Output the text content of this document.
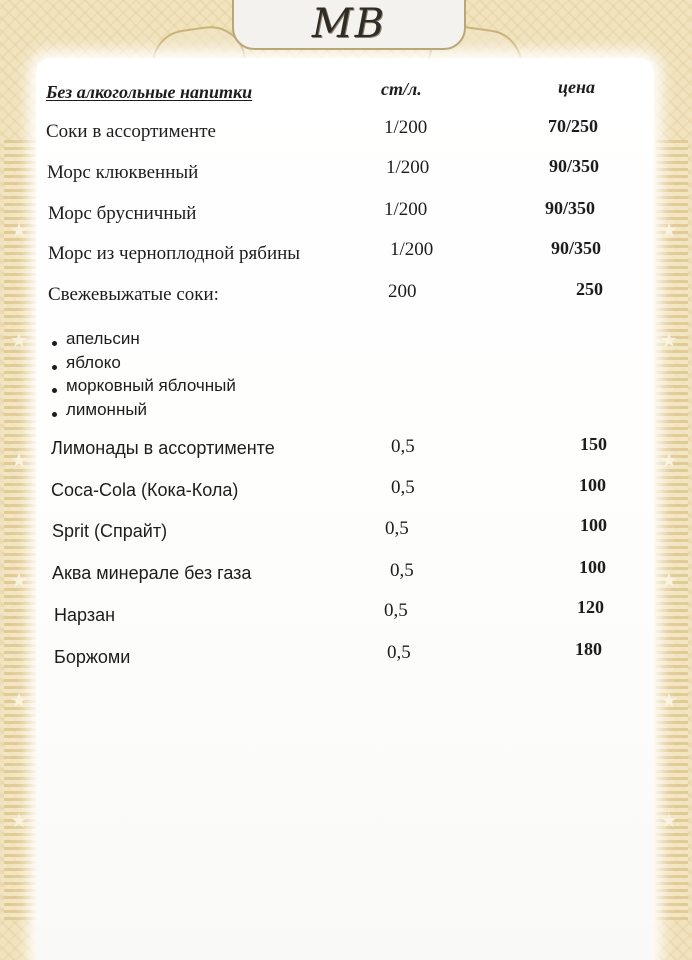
★
★
★
★
★
★
★
★
★
★
★
★
MB
Без алкогольные напитки	ст/л.	цена
Соки в ассортименте	1/200	70/250
Морс клюквенный	1/200	90/350
Морс брусничный	1/200	90/350
Морс из черноплодной рябины	1/200	90/350
Свежевыжатые соки:	200	250
апельсин
яблоко
морковный яблочный
лимонный
Лимонады в ассортименте	0,5	150
Coca-Cola (Кока-Кола)	0,5	100
Sprit (Спрайт)	0,5	100
Аква минерале без газа	0,5	100
Нарзан	0,5	120
Боржоми	0,5	180
